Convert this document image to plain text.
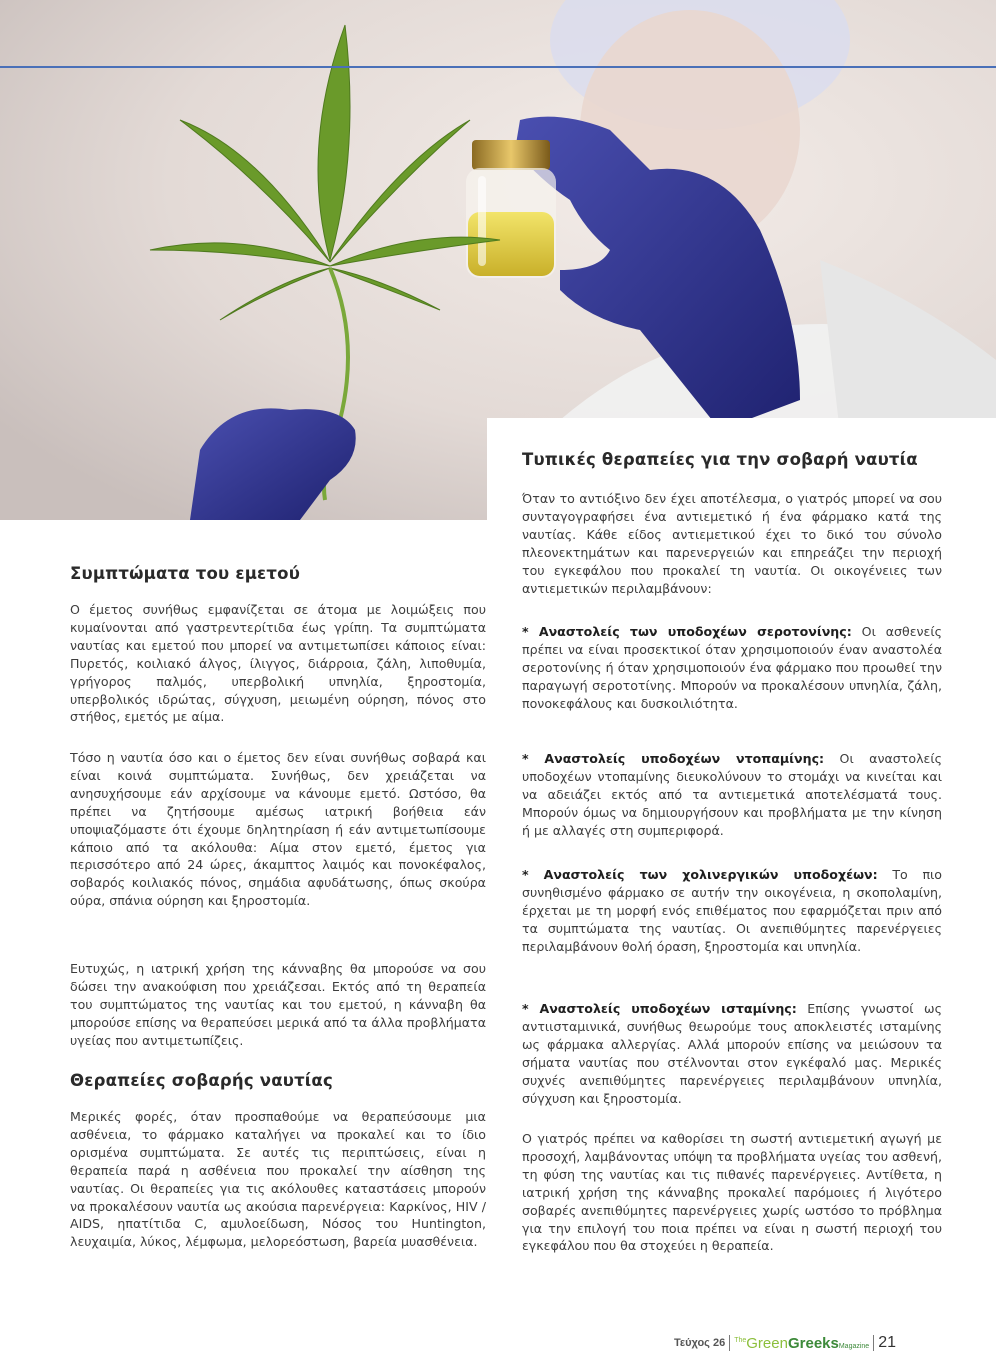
Συμπτώματα του εμετού

Ο έμετος συνήθως εμφανίζεται σε άτομα με λοιμώξεις που κυμαίνονται από γαστρεντερίτιδα έως γρίπη. Τα συμπτώματα ναυτίας και εμετού που μπορεί να αντιμετωπίσει κάποιος είναι: Πυρετός, κοιλιακό άλγος, ίλιγγος, διάρροια, ζάλη, λιποθυμία, γρήγορος παλμός, υπερβολική υπνηλία, ξηροστομία, υπερβολικός ιδρώτας, σύγχυση, μειωμένη ούρηση, πόνος στο στήθος, εμετός με αίμα.

Τόσο η ναυτία όσο και ο έμετος δεν είναι συνήθως σοβαρά και είναι κοινά συμπτώματα. Συνήθως, δεν χρειάζεται να ανησυχήσουμε εάν αρχίσουμε να κάνουμε εμετό. Ωστόσο, θα πρέπει να ζητήσουμε αμέσως ιατρική βοήθεια εάν υποψιαζόμαστε ότι έχουμε δηλητηρίαση ή εάν αντιμετωπίσουμε κάποιο από τα ακόλουθα: Αίμα στον εμετό, έμετος για περισσότερο από 24 ώρες, άκαμπτος λαιμός και πονοκέφαλος, σοβαρός κοιλιακός πόνος, σημάδια αφυδάτωσης, όπως σκούρα ούρα, σπάνια ούρηση και ξηροστομία.

Ευτυχώς, η ιατρική χρήση της κάνναβης θα μπορούσε να σου δώσει την ανακούφιση που χρειάζεσαι. Εκτός από τη θεραπεία του συμπτώματος της ναυτίας και του εμετού, η κάνναβη θα μπορούσε επίσης να θεραπεύσει μερικά από τα άλλα προβλήματα υγείας που αντιμετωπίζεις.

Θεραπείες σοβαρής ναυτίας

Μερικές φορές, όταν προσπαθούμε να θεραπεύσουμε μια ασθένεια, το φάρμακο καταλήγει να προκαλεί και το ίδιο ορισμένα συμπτώματα. Σε αυτές τις περιπτώσεις, είναι η θεραπεία παρά η ασθένεια που προκαλεί την αίσθηση της ναυτίας. Οι θεραπείες για τις ακόλουθες καταστάσεις μπορούν να προκαλέσουν ναυτία ως ακούσια παρενέργεια: Καρκίνος, HIV / AIDS, ηπατίτιδα C, αμυλοείδωση, Νόσος του Huntington, λευχαιμία, λύκος, λέμφωμα, μελορεόστωση, βαρεία μυασθένεια.

Τυπικές θεραπείες για την σοβαρή ναυτία

Όταν το αντιόξινο δεν έχει αποτέλεσμα, ο γιατρός μπορεί να σου συνταγογραφήσει ένα αντιεμετικό ή ένα φάρμακο κατά της ναυτίας. Κάθε είδος αντιεμετικού έχει το δικό του σύνολο πλεονεκτημάτων και παρενεργειών και επηρεάζει την περιοχή του εγκεφάλου που προκαλεί τη ναυτία. Οι οικογένειες των αντιεμετικών περιλαμβάνουν:

* Αναστολείς των υποδοχέων σεροτονίνης: Οι ασθενείς πρέπει να είναι προσεκτικοί όταν χρησιμοποιούν έναν αναστολέα σεροτονίνης ή όταν χρησιμοποιούν ένα φάρμακο που προωθεί την παραγωγή σεροτοτίνης. Μπορούν να προκαλέσουν υπνηλία, ζάλη, πονοκεφάλους και δυσκοιλιότητα.

* Αναστολείς υποδοχέων ντοπαμίνης: Οι αναστολείς υποδοχέων ντοπαμίνης διευκολύνουν το στομάχι να κινείται και να αδειάζει εκτός από τα αντιεμετικά αποτελέσματά τους. Μπορούν όμως να δημιουργήσουν και προβλήματα με την κίνηση ή με αλλαγές στη συμπεριφορά.

* Αναστολείς των χολινεργικών υποδοχέων: Το πιο συνηθισμένο φάρμακο σε αυτήν την οικογένεια, η σκοπολαμίνη, έρχεται με τη μορφή ενός επιθέματος που εφαρμόζεται πριν από τα συμπτώματα της ναυτίας. Οι ανεπιθύμητες παρενέργειες περιλαμβάνουν θολή όραση, ξηροστομία και υπνηλία.

* Αναστολείς υποδοχέων ισταμίνης: Επίσης γνωστοί ως αντιισταμινικά, συνήθως θεωρούμε τους αποκλειστές ισταμίνης ως φάρμακα αλλεργίας. Αλλά μπορούν επίσης να μειώσουν τα σήματα ναυτίας που στέλνονται στον εγκέφαλό μας. Μερικές συχνές ανεπιθύμητες παρενέργειες περιλαμβάνουν υπνηλία, σύγχυση και ξηροστομία.

Ο γιατρός πρέπει να καθορίσει τη σωστή αντιεμετική αγωγή με προσοχή, λαμβάνοντας υπόψη τα προβλήματα υγείας του ασθενή, τη φύση της ναυτίας και τις πιθανές παρενέργειες. Αντίθετα, η ιατρική χρήση της κάνναβης προκαλεί παρόμοιες ή λιγότερο σοβαρές ανεπιθύμητες παρενέργειες χωρίς ωστόσο το πρόβλημα για την επιλογή του ποια πρέπει να είναι η σωστή περιοχή του εγκεφάλου που θα στοχεύει η θεραπεία.

Τεύχος 26 The Green Greeks Magazine 21
